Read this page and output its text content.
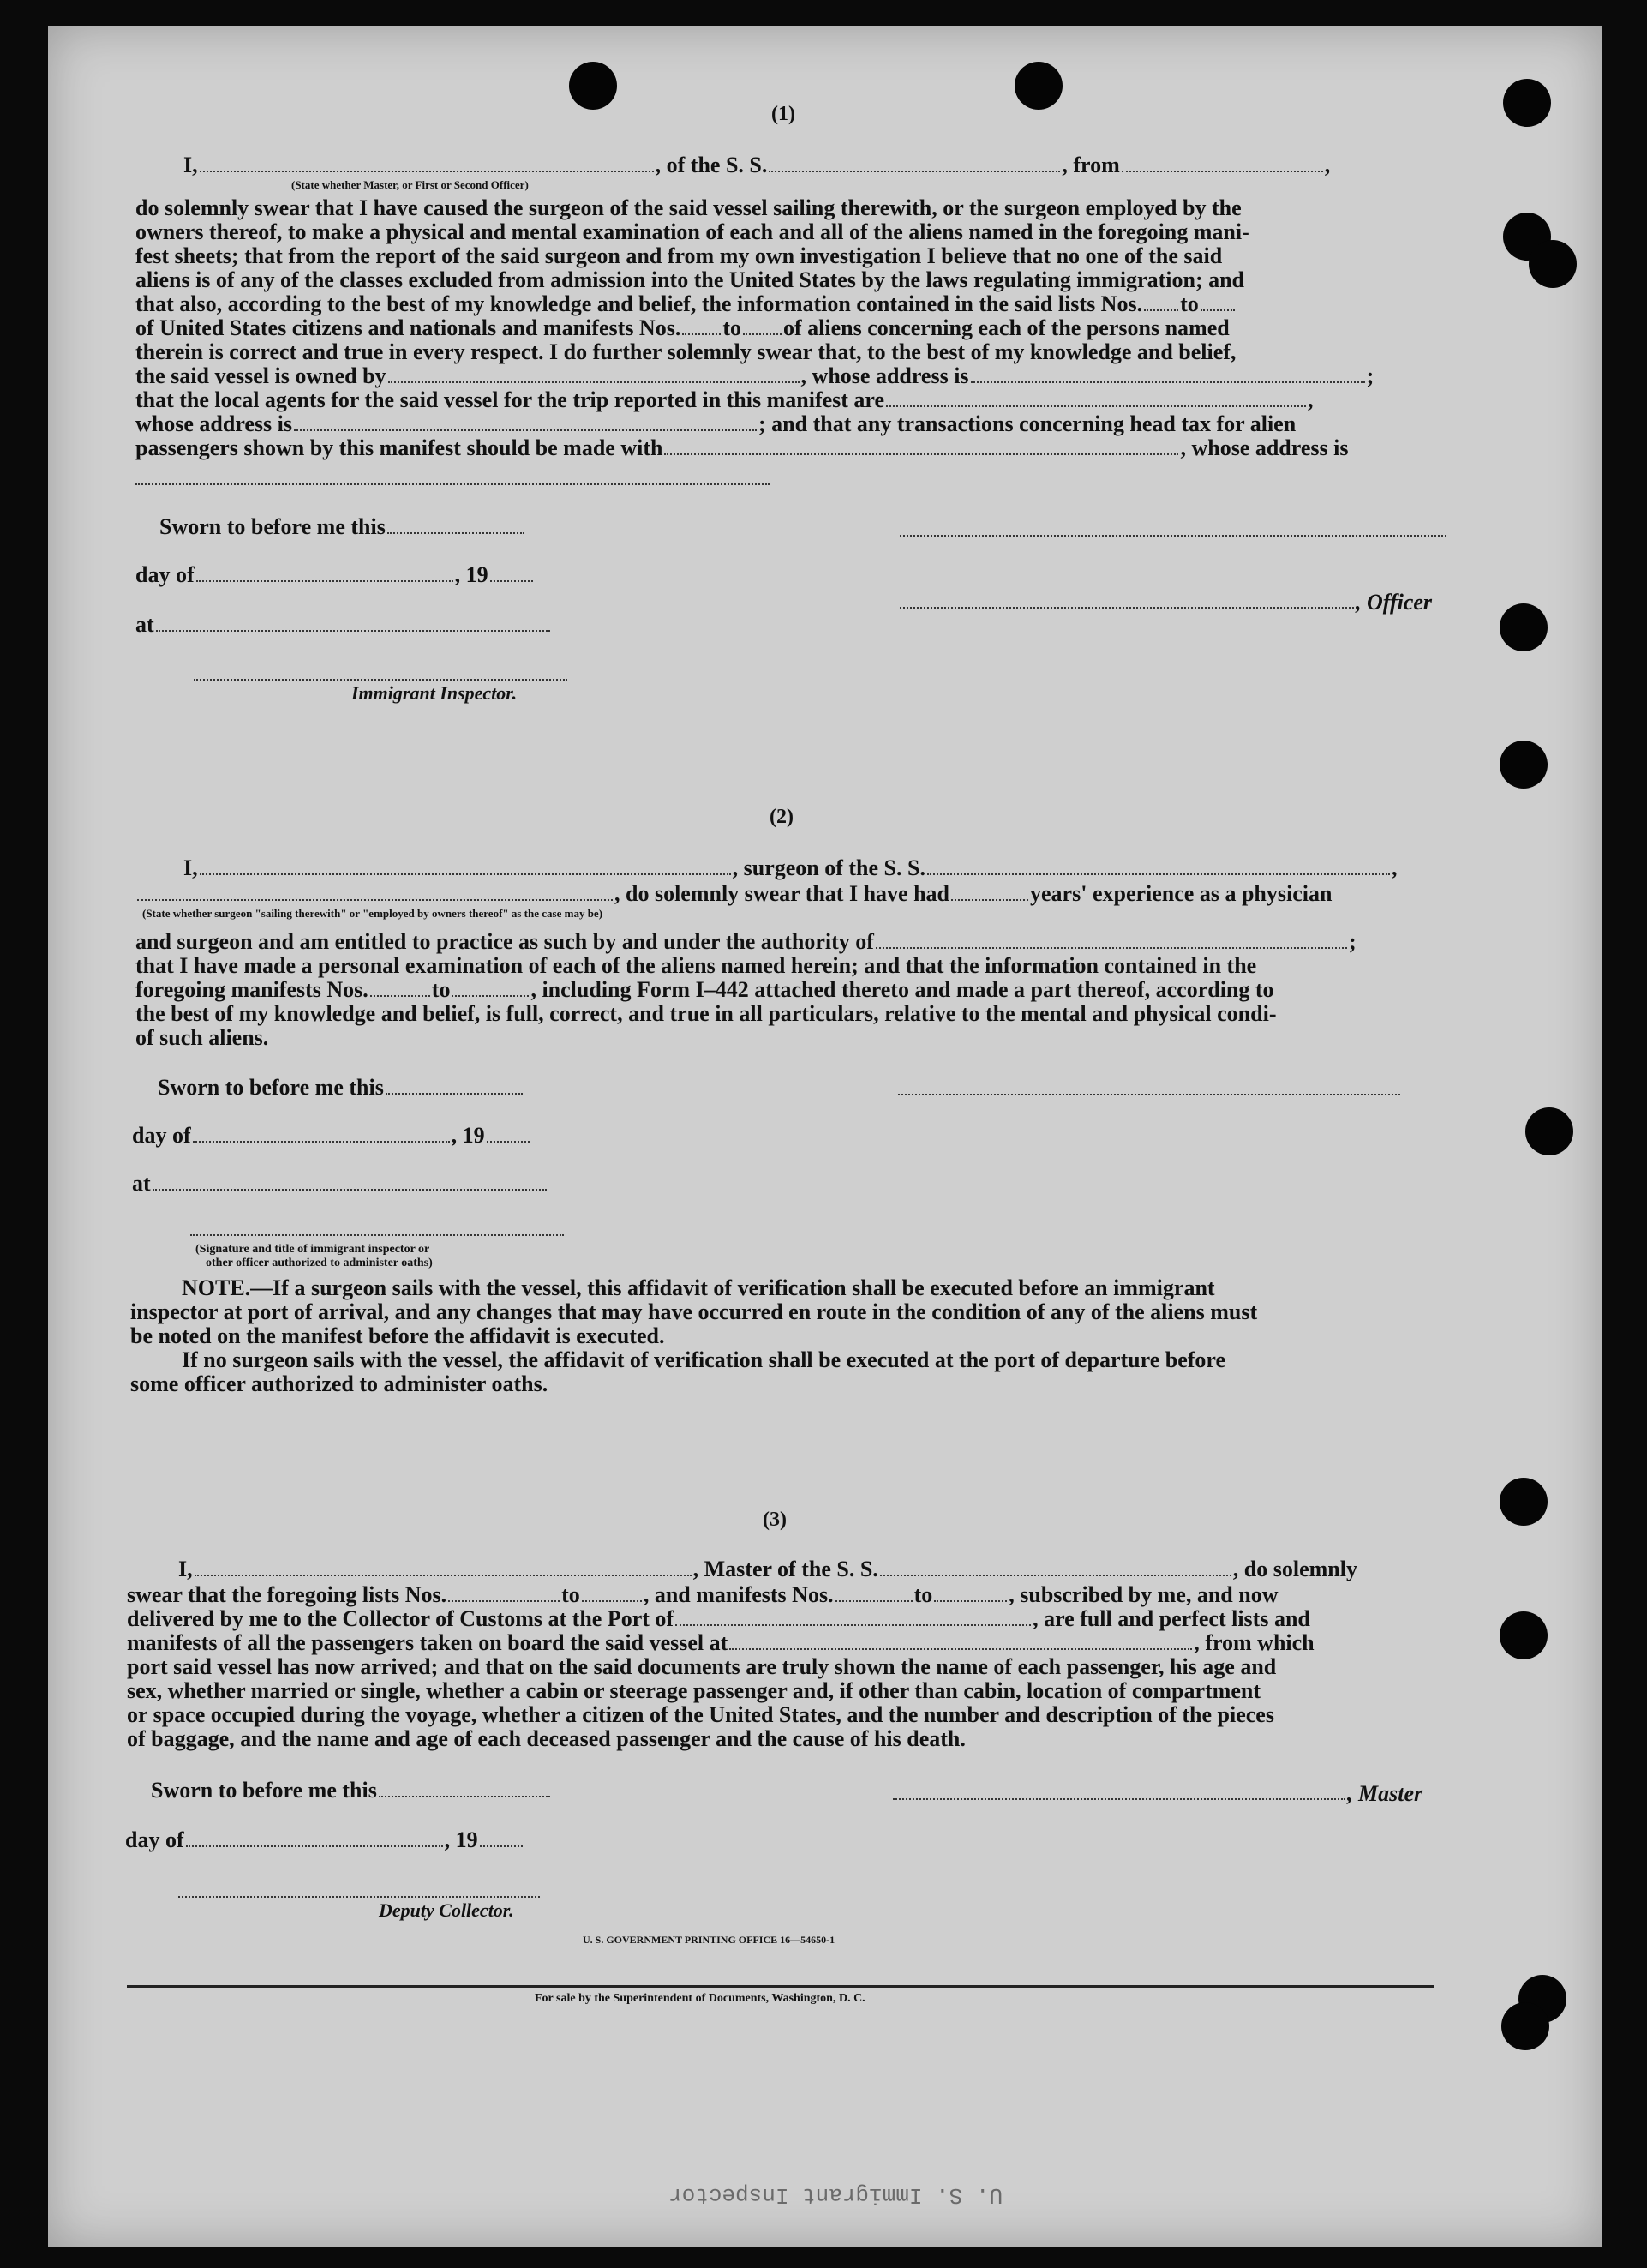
(1)
I,	, of the S. S.	, from	,
(State whether Master, or First or Second Officer)
do solemnly swear that I have caused the surgeon of the said vessel sailing therewith, or the surgeon employed by the
owners thereof, to make a physical and mental examination of each and all of the aliens named in the foregoing mani-
fest sheets; that from the report of the said surgeon and from my own investigation I believe that no one of the said
aliens is of any of the classes excluded from admission into the United States by the laws regulating immigration; and
that also, according to the best of my knowledge and belief, the information contained in the said lists Nos. to
of United States citizens and nationals and manifests Nos. to of aliens concerning each of the persons named
therein is correct and true in every respect. I do further solemnly swear that, to the best of my knowledge and belief,
the said vessel is owned by	, whose address is	;
that the local agents for the said vessel for the trip reported in this manifest are	,
whose address is	; and that any transactions concerning head tax for alien
passengers shown by this manifest should be made with	, whose address is
Sworn to before me this
day of	, 19
at
Immigrant Inspector.
, Officer
(2)
I,	, surgeon of the S. S.	,
, do solemnly swear that I have had	years' experience as a physician
(State whether surgeon "sailing therewith" or "employed by owners thereof" as the case may be)
and surgeon and am entitled to practice as such by and under the authority of	;
that I have made a personal examination of each of the aliens named herein; and that the information contained in the
foregoing manifests Nos.	to	, including Form I–442 attached thereto and made a part thereof, according to
the best of my knowledge and belief, is full, correct, and true in all particulars, relative to the mental and physical condi-
of such aliens.
Sworn to before me this
day of	, 19
at
(Signature and title of immigrant inspector or
other officer authorized to administer oaths)
NOTE.—If a surgeon sails with the vessel, this affidavit of verification shall be executed before an immigrant
inspector at port of arrival, and any changes that may have occurred en route in the condition of any of the aliens must
be noted on the manifest before the affidavit is executed.
If no surgeon sails with the vessel, the affidavit of verification shall be executed at the port of departure before
some officer authorized to administer oaths.
(3)
I,	, Master of the S. S.	, do solemnly
swear that the foregoing lists Nos.	to	, and manifests Nos.	to	, subscribed by me, and now
delivered by me to the Collector of Customs at the Port of	, are full and perfect lists and
manifests of all the passengers taken on board the said vessel at	, from which
port said vessel has now arrived; and that on the said documents are truly shown the name of each passenger, his age and
sex, whether married or single, whether a cabin or steerage passenger and, if other than cabin, location of compartment
or space occupied during the voyage, whether a citizen of the United States, and the number and description of the pieces
of baggage, and the name and age of each deceased passenger and the cause of his death.
Sworn to before me this	, Master
day of	, 19
Deputy Collector.
U. S. GOVERNMENT PRINTING OFFICE 16—54650-1
For sale by the Superintendent of Documents, Washington, D. C.
U. S. Immigrant Inspector
